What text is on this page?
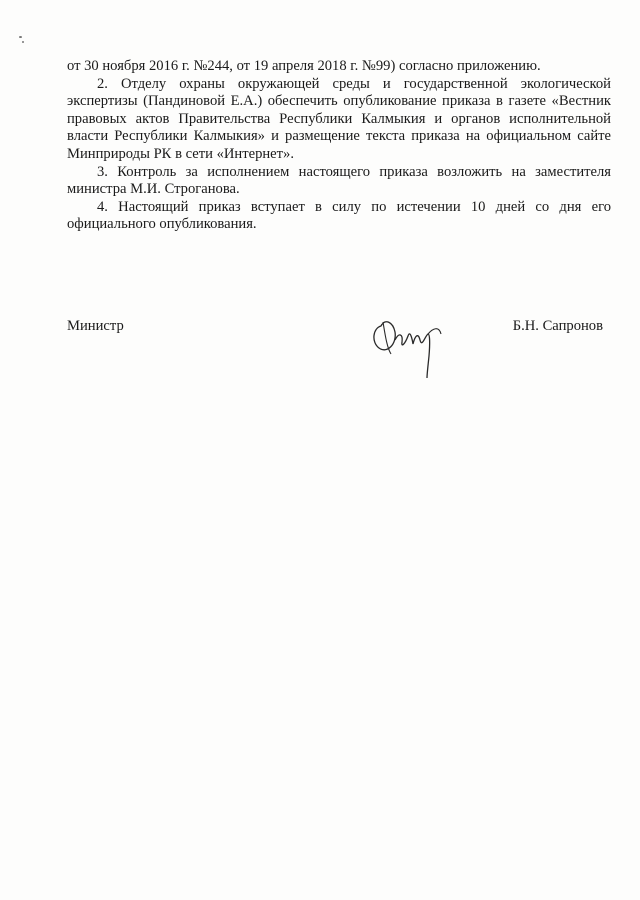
от 30 ноября 2016 г. №244, от 19 апреля 2018 г. №99) согласно приложению.

2. Отделу охраны окружающей среды и государственной экологической экспертизы (Пандиновой Е.А.) обеспечить опубликование приказа в газете «Вестник правовых актов Правительства Республики Калмыкия и органов исполнительной власти Республики Калмыкия» и размещение текста приказа на официальном сайте Минприроды РК в сети «Интернет».

3. Контроль за исполнением настоящего приказа возложить на заместителя министра М.И. Строганова.

4. Настоящий приказ вступает в силу по истечении 10 дней со дня его официального опубликования.

Министр	Б.Н. Сапронов
